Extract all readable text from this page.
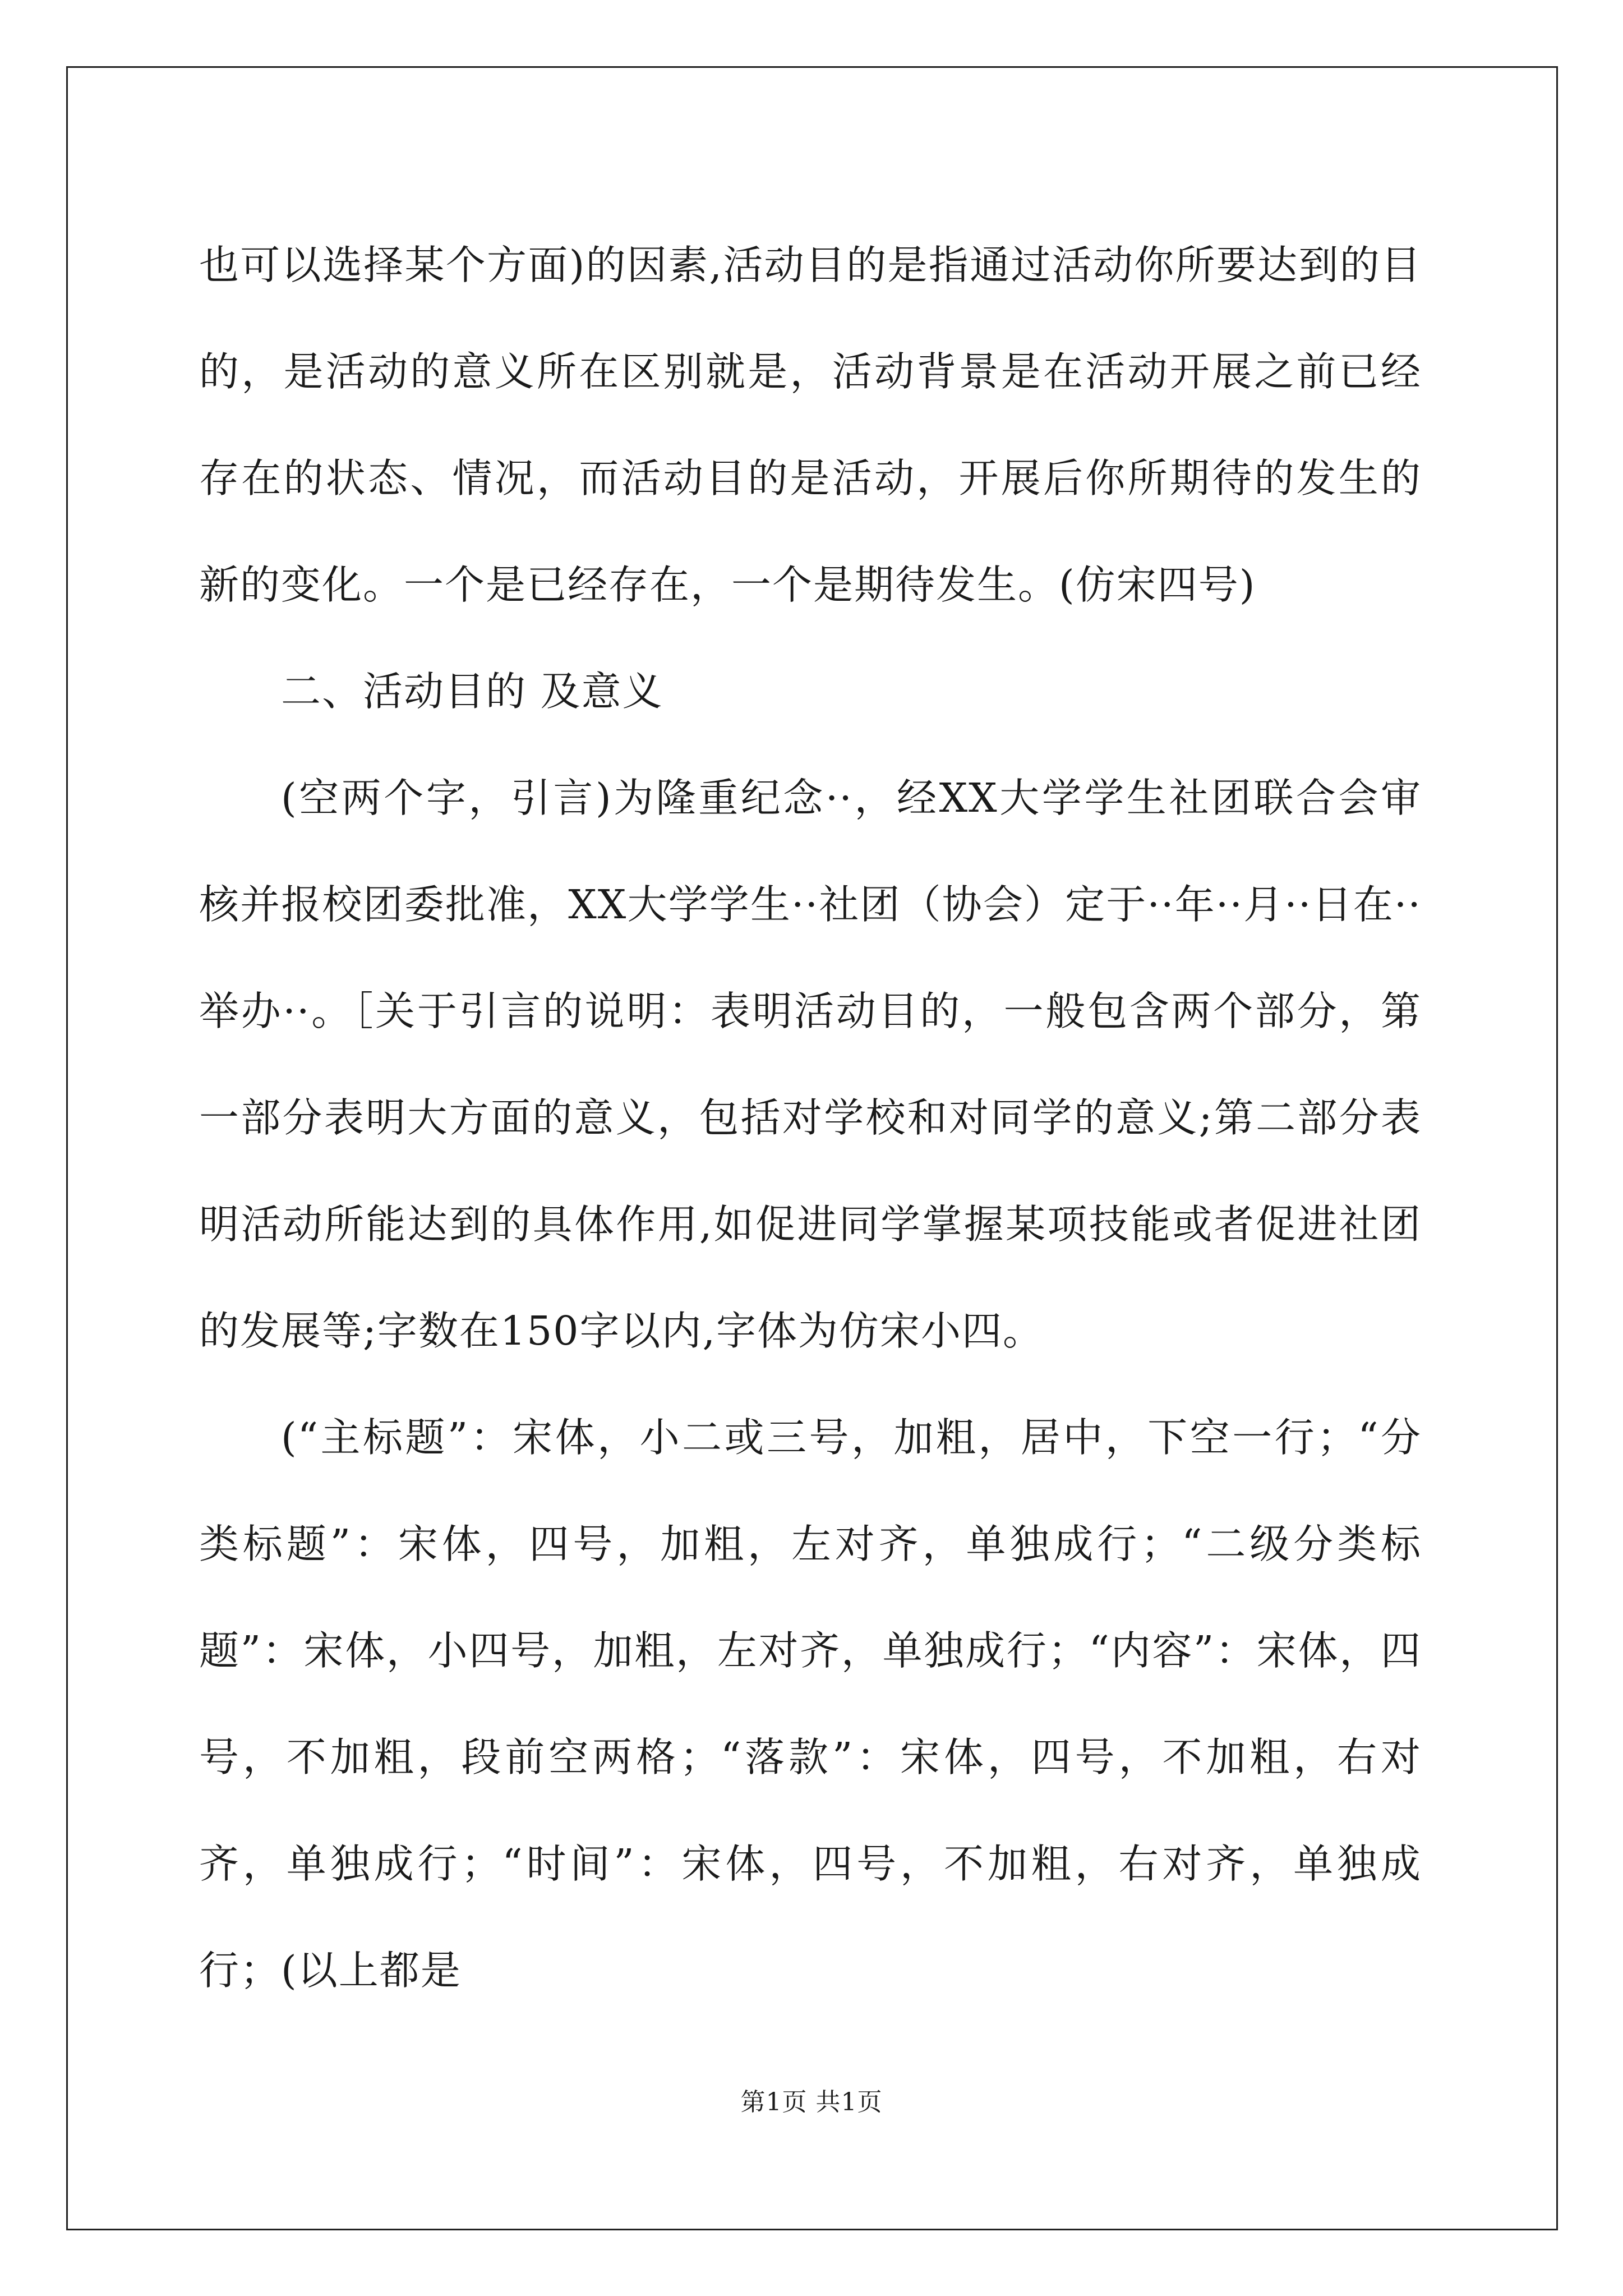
也可以选择某个方面)的因素,活动目的是指通过活动你所要达到的目的，是活动的意义所在区别就是，活动背景是在活动开展之前已经存在的状态、情况，而活动目的是活动，开展后你所期待的发生的新的变化。一个是已经存在，一个是期待发生。(仿宋四号)

二、活动目的 及意义

(空两个字，引言)为隆重纪念··，经XX大学学生社团联合会审核并报校团委批准，XX大学学生··社团（协会）定于··年··月··日在··举办··。［关于引言的说明：表明活动目的，一般包含两个部分，第一部分表明大方面的意义，包括对学校和对同学的意义;第二部分表明活动所能达到的具体作用,如促进同学掌握某项技能或者促进社团的发展等;字数在150字以内,字体为仿宋小四。

(“主标题”：宋体，小二或三号，加粗，居中，下空一行；“分类标题”：宋体，四号，加粗，左对齐，单独成行；“二级分类标题”：宋体，小四号，加粗，左对齐，单独成行；“内容”：宋体，四号，不加粗，段前空两格；“落款”：宋体，四号，不加粗，右对齐，单独成行；“时间”：宋体，四号，不加粗，右对齐，单独成行；(以上都是

第1页 共1页
